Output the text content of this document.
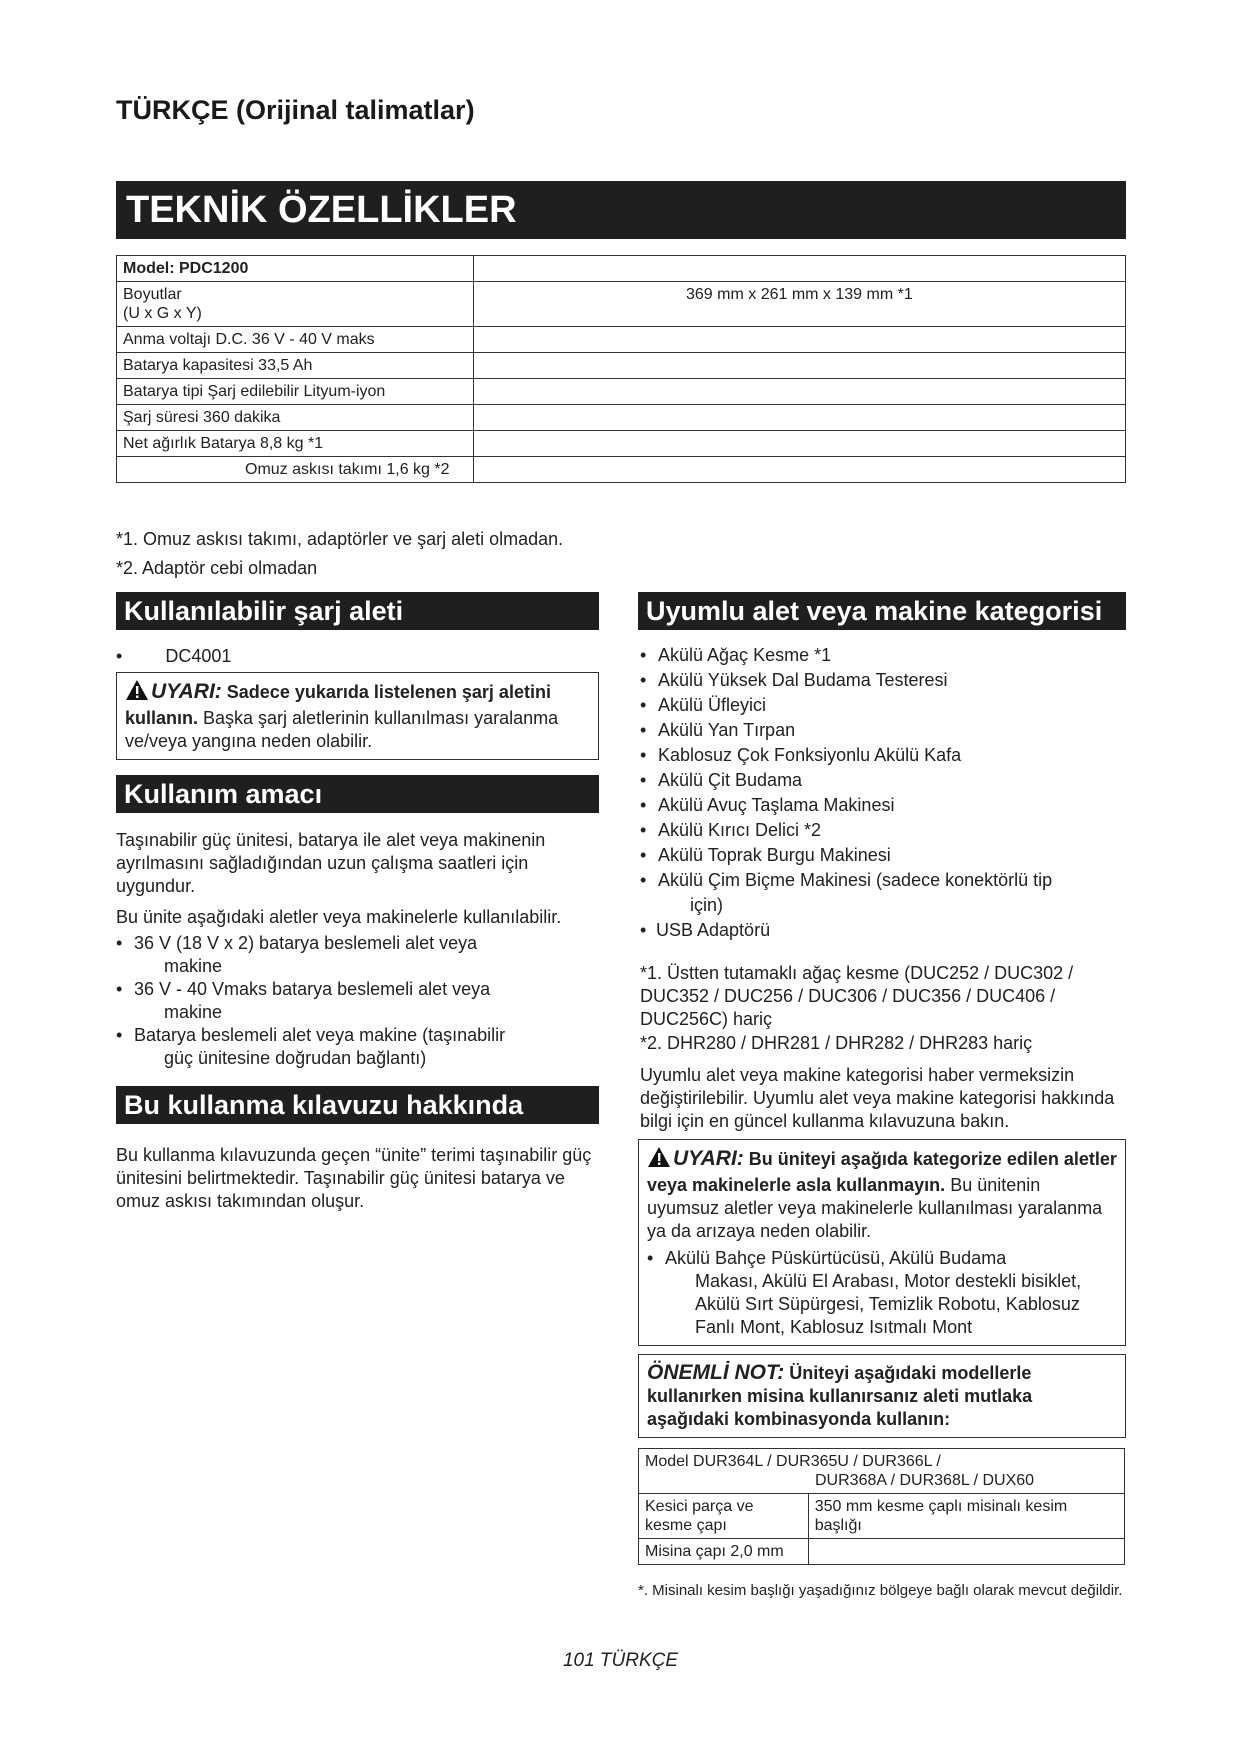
TÜRKÇE (Orijinal talimatlar)
TEKNİK ÖZELLİKLER
Model: PDC1200	

Boyutlar
(U x G x Y)	369 mm x 261 mm x 139 mm *1
Anma voltajı D.C. 36 V - 40 V maks	
Batarya kapasitesi 33,5 Ah	
Batarya tipi Şarj edilebilir Lityum-iyon	
Şarj süresi 360 dakika	
Net ağırlık Batarya 8,8 kg *1	
Omuz askısı takımı 1,6 kg *2	
*1. Omuz askısı takımı, adaptörler ve şarj aleti olmadan.
*2. Adaptör cebi olmadan
Kullanılabilir şarj aleti
• DC4001
UYARI: Sadece yukarıda listelenen şarj aletini kullanın. Başka şarj aletlerinin kullanılması yaralanma ve/veya yangına neden olabilir.
Kullanım amacı
Taşınabilir güç ünitesi, batarya ile alet veya makinenin ayrılmasını sağladığından uzun çalışma saatleri için uygundur.
Bu ünite aşağıdaki aletler veya makinelerle kullanılabilir.
• 36 V (18 V x 2) batarya beslemeli alet veya
makine
• 36 V - 40 Vmaks batarya beslemeli alet veya
makine
• Batarya beslemeli alet veya makine (taşınabilir
güç ünitesine doğrudan bağlantı)
Bu kullanma kılavuzu hakkında
Bu kullanma kılavuzunda geçen “ünite” terimi taşınabilir güç ünitesini belirtmektedir. Taşınabilir güç ünitesi batarya ve omuz askısı takımından oluşur.
Uyumlu alet veya makine kategorisi
• Akülü Ağaç Kesme *1
• Akülü Yüksek Dal Budama Testeresi
• Akülü Üfleyici
• Akülü Yan Tırpan
• Kablosuz Çok Fonksiyonlu Akülü Kafa
• Akülü Çit Budama
• Akülü Avuç Taşlama Makinesi
• Akülü Kırıcı Delici *2
• Akülü Toprak Burgu Makinesi
• Akülü Çim Biçme Makinesi (sadece konektörlü tip
için)
• USB Adaptörü
*1. Üstten tutamaklı ağaç kesme (DUC252 / DUC302 / DUC352 / DUC256 / DUC306 / DUC356 / DUC406 / DUC256C) hariç
*2. DHR280 / DHR281 / DHR282 / DHR283 hariç
Uyumlu alet veya makine kategorisi haber vermeksizin değiştirilebilir. Uyumlu alet veya makine kategorisi hakkında bilgi için en güncel kullanma kılavuzuna bakın.
UYARI: Bu üniteyi aşağıda kategorize edilen aletler veya makinelerle asla kullanmayın. Bu ünitenin uyumsuz aletler veya makinelerle kullanılması yaralanma ya da arızaya neden olabilir.
• Akülü Bahçe Püskürtücüsü, Akülü Budama
Makası, Akülü El Arabası, Motor destekli bisiklet, Akülü Sırt Süpürgesi, Temizlik Robotu, Kablosuz Fanlı Mont, Kablosuz Isıtmalı Mont
ÖNEMLİ NOT: Üniteyi aşağıdaki modellerle kullanırken misina kullanırsanız aleti mutlaka aşağıdaki kombinasyonda kullanın:
Model DUR364L / DUR365U / DUR366L /
DUR368A / DUR368L / DUX60	

Kesici parça ve kesme çapı	350 mm kesme çaplı misinalı kesim başlığı
Misina çapı 2,0 mm	
*. Misinalı kesim başlığı yaşadığınız bölgeye bağlı olarak mevcut değildir.
101 TÜRKÇE
